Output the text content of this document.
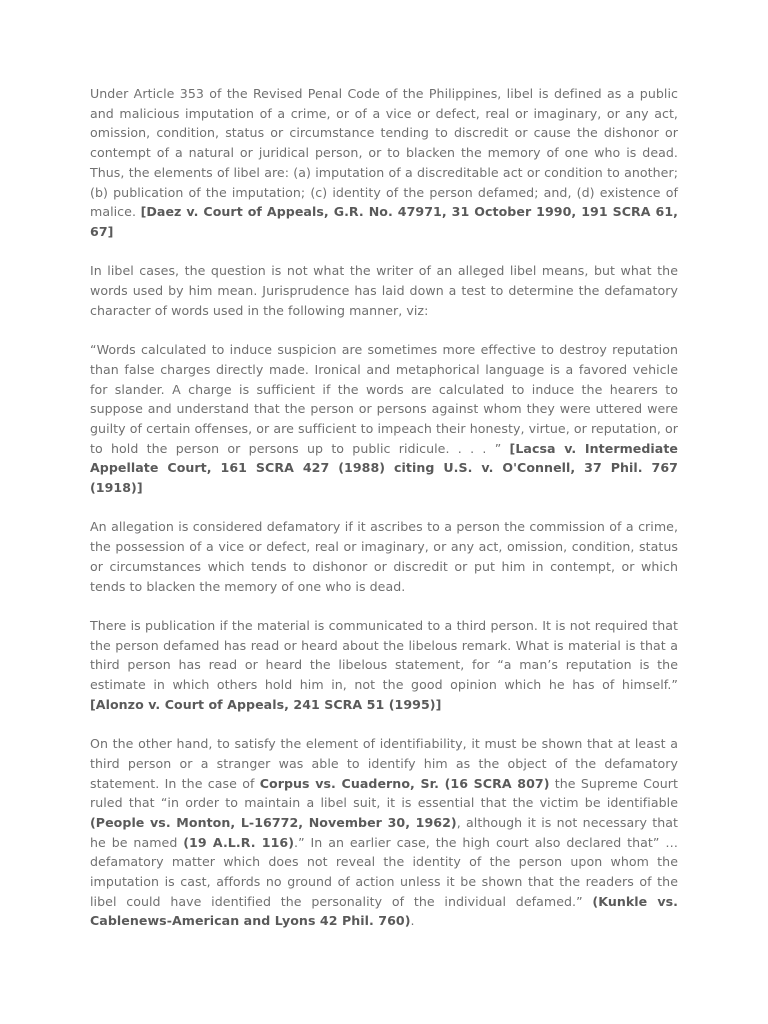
Under Article 353 of the Revised Penal Code of the Philippines, libel is defined as a public and malicious imputation of a crime, or of a vice or defect, real or imaginary, or any act, omission, condition, status or circumstance tending to discredit or cause the dishonor or contempt of a natural or juridical person, or to blacken the memory of one who is dead. Thus, the elements of libel are: (a) imputation of a discreditable act or condition to another; (b) publication of the imputation; (c) identity of the person defamed; and, (d) existence of malice. [Daez v. Court of Appeals, G.R. No. 47971, 31 October 1990, 191 SCRA 61, 67]

In libel cases, the question is not what the writer of an alleged libel means, but what the words used by him mean. Jurisprudence has laid down a test to determine the defamatory character of words used in the following manner, viz:

“Words calculated to induce suspicion are sometimes more effective to destroy reputation than false charges directly made. Ironical and metaphorical language is a favored vehicle for slander. A charge is sufficient if the words are calculated to induce the hearers to suppose and understand that the person or persons against whom they were uttered were guilty of certain offenses, or are sufficient to impeach their honesty, virtue, or reputation, or to hold the person or persons up to public ridicule. . . . ” [Lacsa v. Intermediate Appellate Court, 161 SCRA 427 (1988) citing U.S. v. O'Connell, 37 Phil. 767 (1918)]

An allegation is considered defamatory if it ascribes to a person the commission of a crime, the possession of a vice or defect, real or imaginary, or any act, omission, condition, status or circumstances which tends to dishonor or discredit or put him in contempt, or which tends to blacken the memory of one who is dead.

There is publication if the material is communicated to a third person. It is not required that the person defamed has read or heard about the libelous remark. What is material is that a third person has read or heard the libelous statement, for “a man’s reputation is the estimate in which others hold him in, not the good opinion which he has of himself.” [Alonzo v. Court of Appeals, 241 SCRA 51 (1995)]

On the other hand, to satisfy the element of identifiability, it must be shown that at least a third person or a stranger was able to identify him as the object of the defamatory statement. In the case of Corpus vs. Cuaderno, Sr. (16 SCRA 807) the Supreme Court ruled that “in order to maintain a libel suit, it is essential that the victim be identifiable (People vs. Monton, L-16772, November 30, 1962), although it is not necessary that he be named (19 A.L.R. 116).” In an earlier case, the high court also declared that” … defamatory matter which does not reveal the identity of the person upon whom the imputation is cast, affords no ground of action unless it be shown that the readers of the libel could have identified the personality of the individual defamed.” (Kunkle vs. Cablenews-American and Lyons 42 Phil. 760).
